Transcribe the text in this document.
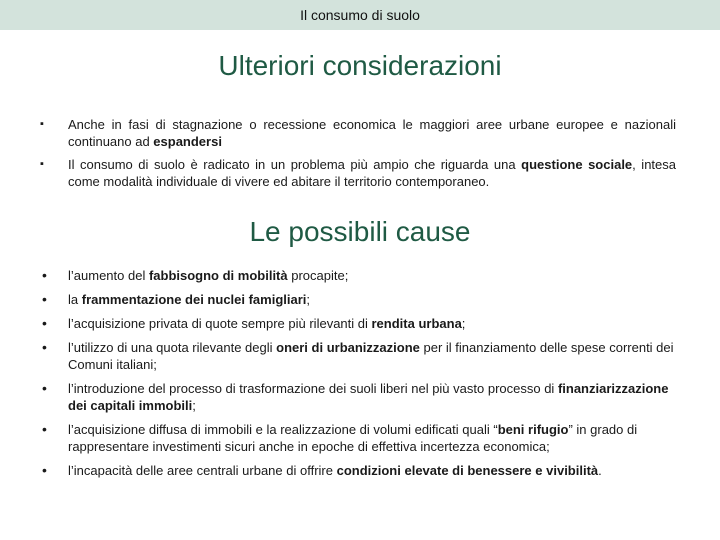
Il consumo di suolo
Ulteriori considerazioni
▪ Anche in fasi di stagnazione o recessione economica le maggiori aree urbane europee e nazionali continuano ad espandersi
▪ Il consumo di suolo è radicato in un problema più ampio che riguarda una questione sociale, intesa come modalità individuale di vivere ed abitare il territorio contemporaneo.
Le possibili cause
• l’aumento del fabbisogno di mobilità procapite;
• la frammentazione dei nuclei famigliari;
• l’acquisizione privata di quote sempre più rilevanti di rendita urbana;
• l’utilizzo di una quota rilevante degli oneri di urbanizzazione per il finanziamento delle spese correnti dei Comuni italiani;
• l’introduzione del processo di trasformazione dei suoli liberi nel più vasto processo di finanziarizzazione dei capitali immobili;
• l’acquisizione diffusa di immobili e la realizzazione di volumi edificati quali “beni rifugio” in grado di rappresentare investimenti sicuri anche in epoche di effettiva incertezza economica;
• l’incapacità delle aree centrali urbane di offrire condizioni elevate di benessere e vivibilità.
